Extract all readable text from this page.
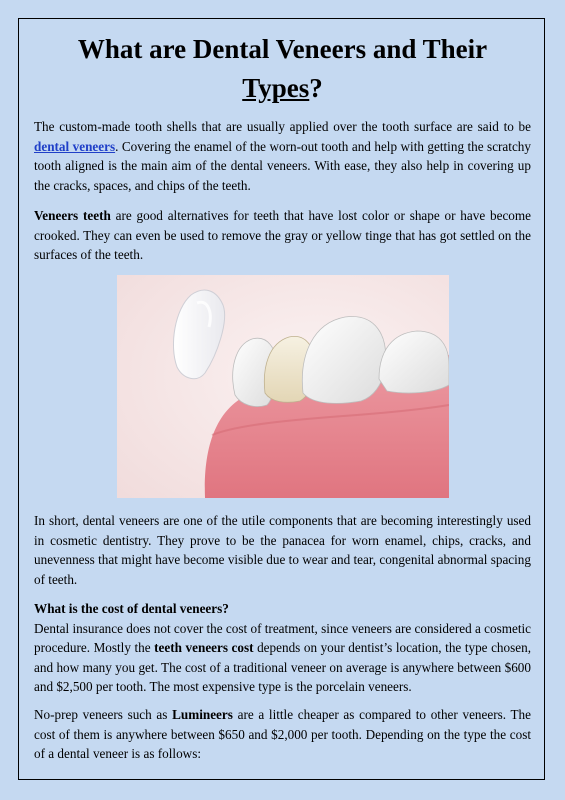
What are Dental Veneers and Their
Types?

The custom-made tooth shells that are usually applied over the tooth surface are said to be dental veneers. Covering the enamel of the worn-out tooth and help with getting the scratchy tooth aligned is the main aim of the dental veneers. With ease, they also help in covering up the cracks, spaces, and chips of the teeth.

Veneers teeth are good alternatives for teeth that have lost color or shape or have become crooked. They can even be used to remove the gray or yellow tinge that has got settled on the surfaces of the teeth.

In short, dental veneers are one of the utile components that are becoming interestingly used in cosmetic dentistry. They prove to be the panacea for worn enamel, chips, cracks, and unevenness that might have become visible due to wear and tear, congenital abnormal spacing of teeth.

What is the cost of dental veneers?
Dental insurance does not cover the cost of treatment, since veneers are considered a cosmetic procedure. Mostly the teeth veneers cost depends on your dentist’s location, the type chosen, and how many you get. The cost of a traditional veneer on average is anywhere between $600 and $2,500 per tooth. The most expensive type is the porcelain veneers.

No-prep veneers such as Lumineers are a little cheaper as compared to other veneers. The cost of them is anywhere between $650 and $2,000 per tooth. Depending on the type the cost of a dental veneer is as follows:
